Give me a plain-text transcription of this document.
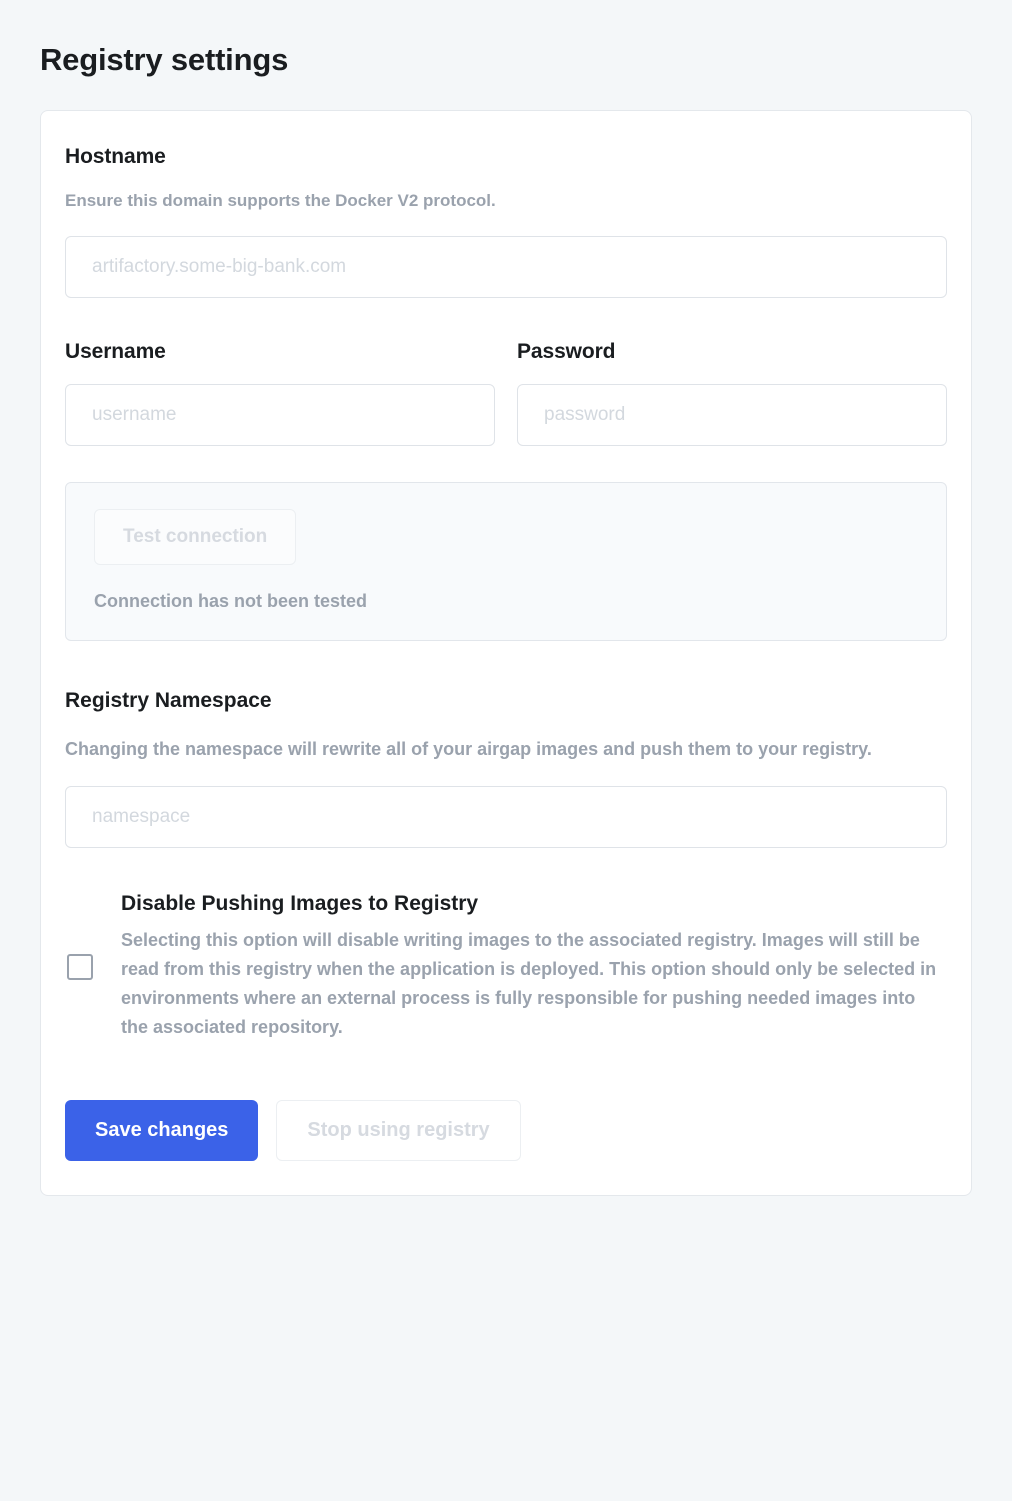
Registry settings
Hostname
Ensure this domain supports the Docker V2 protocol.
artifactory.some-big-bank.com
Username
username	Password
Test connection
Connection has not been tested
Registry Namespace
Changing the namespace will rewrite all of your airgap images and push them to your registry.
namespace
Disable Pushing Images to Registry

Selecting this option will disable writing images to the associated registry. Images will still be read from this registry when the application is deployed. This option should only be selected in environments where an external process is fully responsible for pushing needed images into the associated repository.

Save changes	Stop using registry
